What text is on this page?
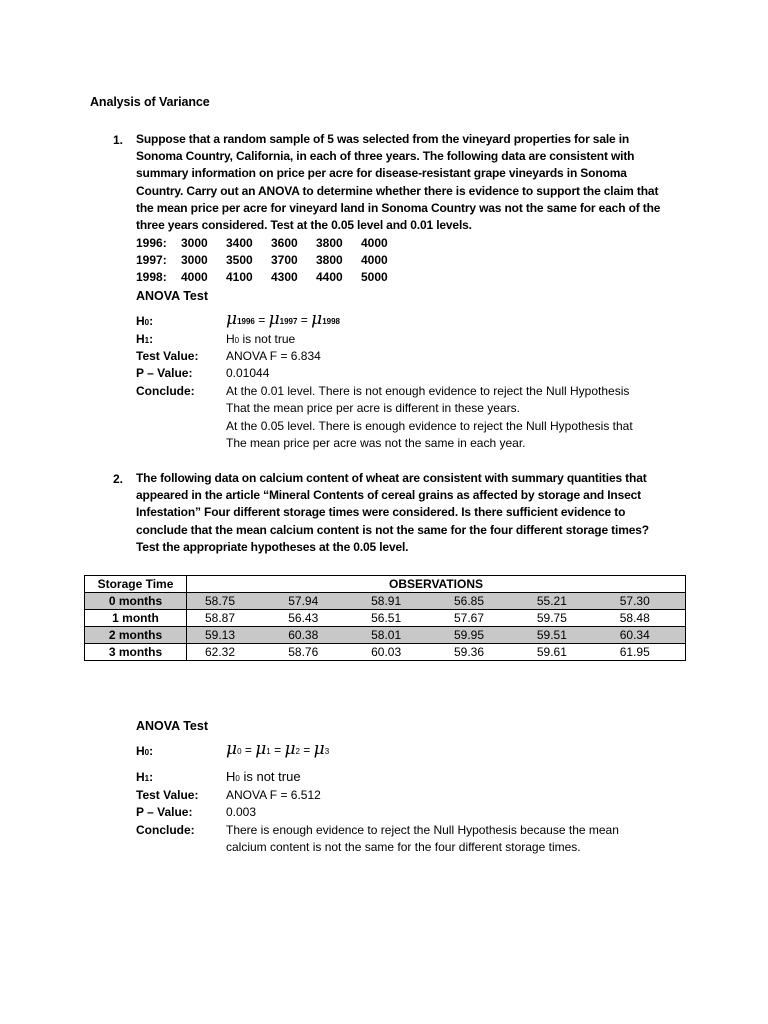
Analysis of Variance
1. Suppose that a random sample of 5 was selected from the vineyard properties for sale in
Sonoma Country, California, in each of three years. The following data are consistent with
summary information on price per acre for disease-resistant grape vineyards in Sonoma
Country. Carry out an ANOVA to determine whether there is evidence to support the claim that
the mean price per acre for vineyard land in Sonoma Country was not the same for each of the
three years considered. Test at the 0.05 level and 0.01 levels.
1996: 3000 3400 3600 3800 4000
1997: 3000 3500 3700 3800 4000
1998: 4000 4100 4300 4400 5000
ANOVA Test
H0:	μ1996 = μ1997 = μ1998
H1:	H0 is not true
Test Value: ANOVA F = 6.834
P – Value:	0.01044
Conclude:	At the 0.01 level. There is not enough evidence to reject the Null Hypothesis
That the mean price per acre is different in these years.
At the 0.05 level. There is enough evidence to reject the Null Hypothesis that
The mean price per acre was not the same in each year.
2. The following data on calcium content of wheat are consistent with summary quantities that
appeared in the article “Mineral Contents of cereal grains as affected by storage and Insect
Infestation” Four different storage times were considered. Is there sufficient evidence to
conclude that the mean calcium content is not the same for the four different storage times?
Test the appropriate hypotheses at the 0.05 level.
Storage Time	OBSERVATIONS					
0 months	58.75	57.94	58.91	56.85	55.21	57.30
1 month	58.87	56.43	56.51	57.67	59.75	58.48
2 months	59.13	60.38	58.01	59.95	59.51	60.34
3 months	62.32	58.76	60.03	59.36	59.61	61.95
ANOVA Test
H0:	μ0 = μ1 = μ2 = μ3
H1:	H0 is not true
Test Value: ANOVA F = 6.512
P – Value:	0.003
Conclude:	There is enough evidence to reject the Null Hypothesis because the mean
calcium content is not the same for the four different storage times.
